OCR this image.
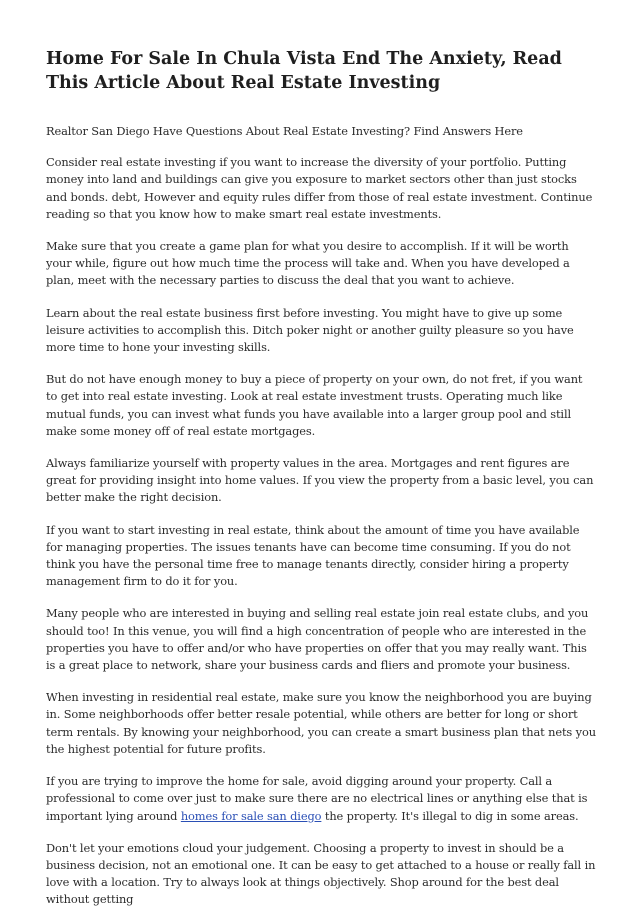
Home For Sale In Chula Vista End The Anxiety, Read This Article About Real Estate Investing

Realtor San Diego Have Questions About Real Estate Investing? Find Answers Here

Consider real estate investing if you want to increase the diversity of your portfolio. Putting money into land and buildings can give you exposure to market sectors other than just stocks and bonds. debt, However and equity rules differ from those of real estate investment. Continue reading so that you know how to make smart real estate investments.

Make sure that you create a game plan for what you desire to accomplish. If it will be worth your while, figure out how much time the process will take and. When you have developed a plan, meet with the necessary parties to discuss the deal that you want to achieve.

Learn about the real estate business first before investing. You might have to give up some leisure activities to accomplish this. Ditch poker night or another guilty pleasure so you have more time to hone your investing skills.

But do not have enough money to buy a piece of property on your own, do not fret, if you want to get into real estate investing. Look at real estate investment trusts. Operating much like mutual funds, you can invest what funds you have available into a larger group pool and still make some money off of real estate mortgages.

Always familiarize yourself with property values in the area. Mortgages and rent figures are great for providing insight into home values. If you view the property from a basic level, you can better make the right decision.

If you want to start investing in real estate, think about the amount of time you have available for managing properties. The issues tenants have can become time consuming. If you do not think you have the personal time free to manage tenants directly, consider hiring a property management firm to do it for you.

Many people who are interested in buying and selling real estate join real estate clubs, and you should too! In this venue, you will find a high concentration of people who are interested in the properties you have to offer and/or who have properties on offer that you may really want. This is a great place to network, share your business cards and fliers and promote your business.

When investing in residential real estate, make sure you know the neighborhood you are buying in. Some neighborhoods offer better resale potential, while others are better for long or short term rentals. By knowing your neighborhood, you can create a smart business plan that nets you the highest potential for future profits.

If you are trying to improve the home for sale, avoid digging around your property. Call a professional to come over just to make sure there are no electrical lines or anything else that is important lying around homes for sale san diego the property. It's illegal to dig in some areas.

Don't let your emotions cloud your judgement. Choosing a property to invest in should be a business decision, not an emotional one. It can be easy to get attached to a house or really fall in love with a location. Try to always look at things objectively. Shop around for the best deal without getting
